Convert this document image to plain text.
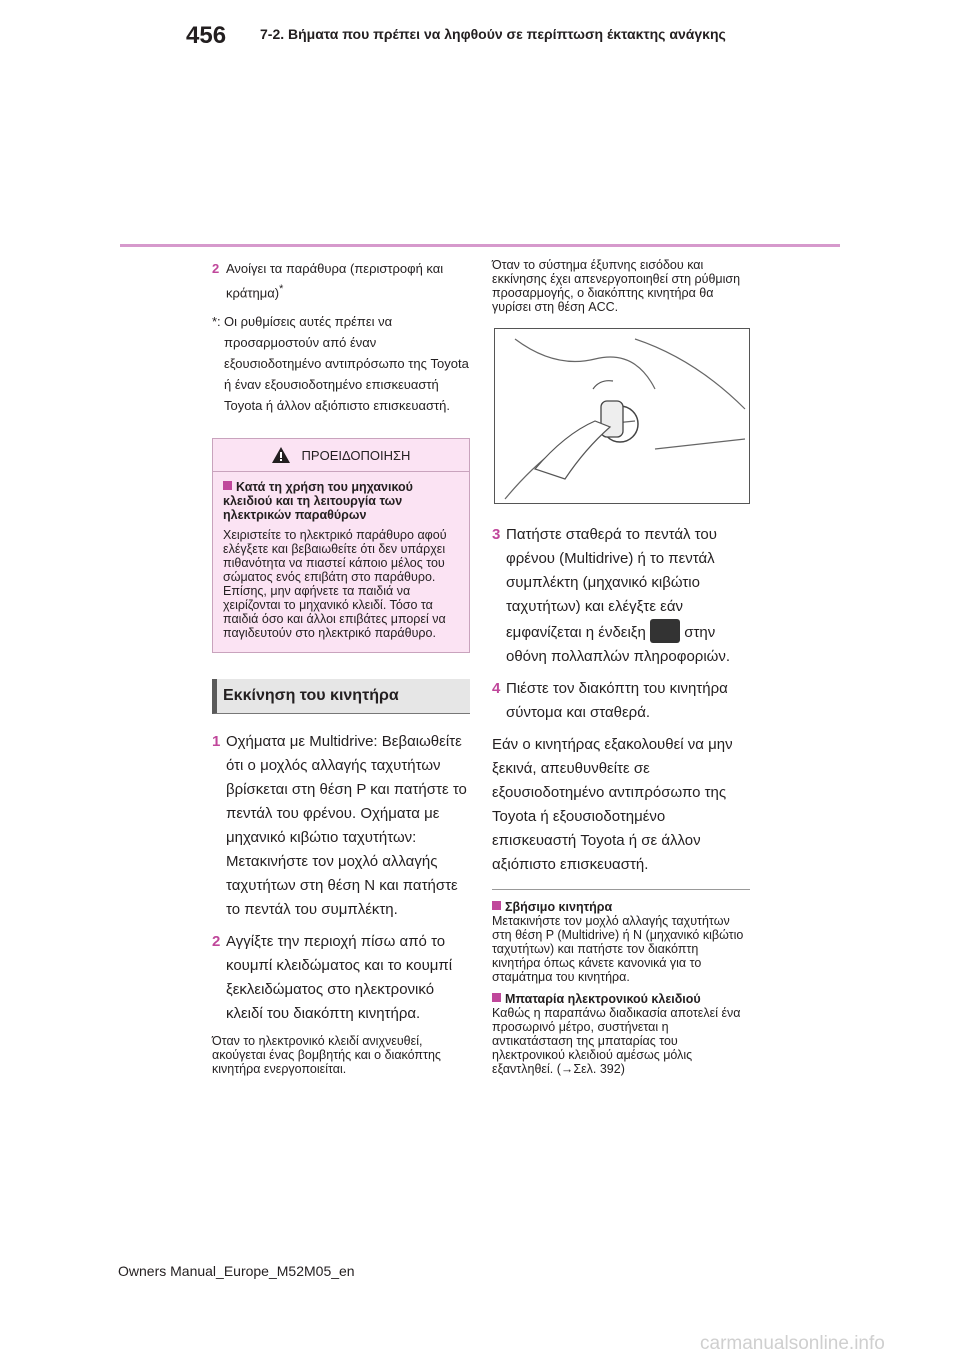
456 7-2. Βήματα που πρέπει να ληφθούν σε περίπτωση έκτακτης ανάγκης
2 Ανοίγει τα παράθυρα (περιστροφή και κράτημα)*
*: Οι ρυθμίσεις αυτές πρέπει να προσαρμοστούν από έναν εξουσιοδοτημένο αντιπρόσωπο της Toyota ή έναν εξουσιοδοτημένο επισκευαστή Toyota ή άλλον αξιόπιστο επισκευαστή.
ΠΡΟΕΙΔΟΠΟΙΗΣΗ
Κατά τη χρήση του μηχανικού κλειδιού και τη λειτουργία των ηλεκτρικών παραθύρων
Χειριστείτε το ηλεκτρικό παράθυρο αφού ελέγξετε και βεβαιωθείτε ότι δεν υπάρχει πιθανότητα να πιαστεί κάποιο μέλος του σώματος ενός επιβάτη στο παράθυρο.
Επίσης, μην αφήνετε τα παιδιά να χειρίζονται το μηχανικό κλειδί. Τόσο τα παιδιά όσο και άλλοι επιβάτες μπορεί να παγιδευτούν στο ηλεκτρικό παράθυρο.
Εκκίνηση του κινητήρα
1 Οχήματα με Multidrive: Βεβαιωθείτε ότι ο μοχλός αλλαγής ταχυτήτων βρίσκεται στη θέση P και πατήστε το πεντάλ του φρένου. Οχήματα με μηχανικό κιβώτιο ταχυτήτων: Μετακινήστε τον μοχλό αλλαγής ταχυτήτων στη θέση N και πατήστε το πεντάλ του συμπλέκτη.
2 Αγγίξτε την περιοχή πίσω από το κουμπί κλειδώματος και το κουμπί ξεκλειδώματος στο ηλεκτρονικό κλειδί του διακόπτη κινητήρα.
Όταν το ηλεκτρονικό κλειδί ανιχνευθεί, ακούγεται ένας βομβητής και ο διακόπτης κινητήρα ενεργοποιείται.
Όταν το σύστημα έξυπνης εισόδου και εκκίνησης έχει απενεργοποιηθεί στη ρύθμιση προσαρμογής, ο διακόπτης κινητήρα θα γυρίσει στη θέση ACC.
3 Πατήστε σταθερά το πεντάλ του φρένου (Multidrive) ή το πεντάλ συμπλέκτη (μηχανικό κιβώτιο ταχυτήτων) και ελέγξτε εάν εμφανίζεται η ένδειξη	στην οθόνη πολλαπλών πληροφοριών.
4 Πιέστε τον διακόπτη του κινητήρα σύντομα και σταθερά.
Εάν ο κινητήρας εξακολουθεί να μην ξεκινά, απευθυνθείτε σε εξουσιοδοτημένο αντιπρόσωπο της Toyota ή εξουσιοδοτημένο επισκευαστή Toyota ή σε άλλον αξιόπιστο επισκευαστή.
Σβήσιμο κινητήρα
Μετακινήστε τον μοχλό αλλαγής ταχυτήτων στη θέση P (Multidrive) ή N (μηχανικό κιβώτιο ταχυτήτων) και πατήστε τον διακόπτη κινητήρα όπως κάνετε κανονικά για το σταμάτημα του κινητήρα.
Μπαταρία ηλεκτρονικού κλειδιού
Καθώς η παραπάνω διαδικασία αποτελεί ένα προσωρινό μέτρο, συστήνεται η αντικατάσταση της μπαταρίας του ηλεκτρονικού κλειδιού αμέσως μόλις εξαντληθεί. (→Σελ. 392)
Owners Manual_Europe_M52M05_en
carmanualsonline.info
